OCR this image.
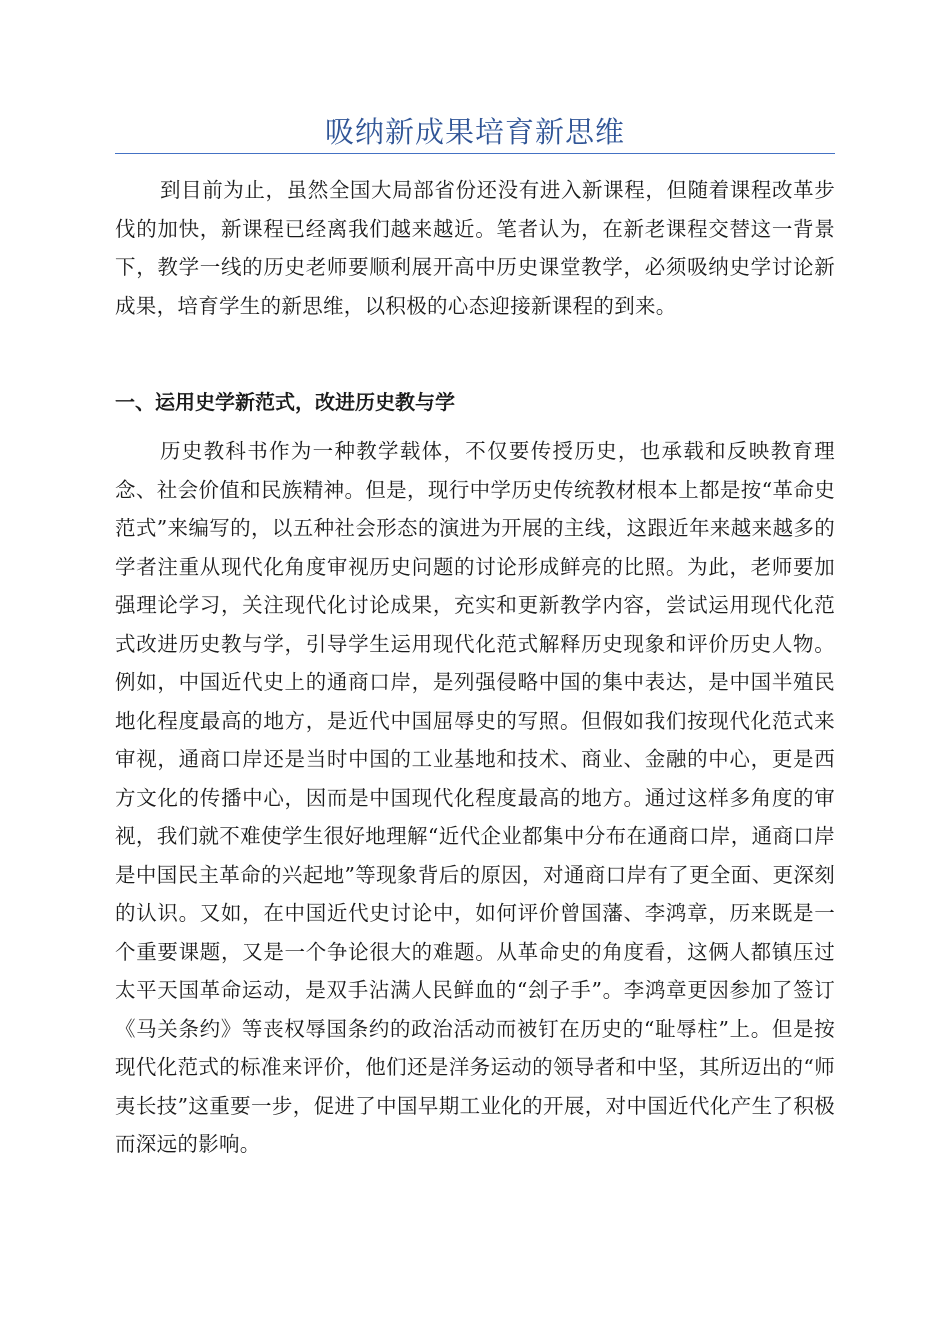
吸纳新成果培育新思维

到目前为止，虽然全国大局部省份还没有进入新课程，但随着课程改革步伐的加快，新课程已经离我们越来越近。笔者认为，在新老课程交替这一背景下，教学一线的历史老师要顺利展开高中历史课堂教学，必须吸纳史学讨论新成果，培育学生的新思维，以积极的心态迎接新课程的到来。

一、运用史学新范式，改进历史教与学

历史教科书作为一种教学载体，不仅要传授历史，也承载和反映教育理念、社会价值和民族精神。但是，现行中学历史传统教材根本上都是按“革命史范式”来编写的，以五种社会形态的演进为开展的主线，这跟近年来越来越多的学者注重从现代化角度审视历史问题的讨论形成鲜亮的比照。为此，老师要加强理论学习，关注现代化讨论成果，充实和更新教学内容，尝试运用现代化范式改进历史教与学，引导学生运用现代化范式解释历史现象和评价历史人物。例如，中国近代史上的通商口岸，是列强侵略中国的集中表达，是中国半殖民地化程度最高的地方，是近代中国屈辱史的写照。但假如我们按现代化范式来审视，通商口岸还是当时中国的工业基地和技术、商业、金融的中心，更是西方文化的传播中心，因而是中国现代化程度最高的地方。通过这样多角度的审视，我们就不难使学生很好地理解“近代企业都集中分布在通商口岸，通商口岸是中国民主革命的兴起地”等现象背后的原因，对通商口岸有了更全面、更深刻的认识。又如，在中国近代史讨论中，如何评价曾国藩、李鸿章，历来既是一个重要课题，又是一个争论很大的难题。从革命史的角度看，这俩人都镇压过太平天国革命运动，是双手沾满人民鲜血的“刽子手”。李鸿章更因参加了签订《马关条约》等丧权辱国条约的政治活动而被钉在历史的“耻辱柱”上。但是按现代化范式的标准来评价，他们还是洋务运动的领导者和中坚，其所迈出的“师夷长技”这重要一步，促进了中国早期工业化的开展，对中国近代化产生了积极而深远的影响。
